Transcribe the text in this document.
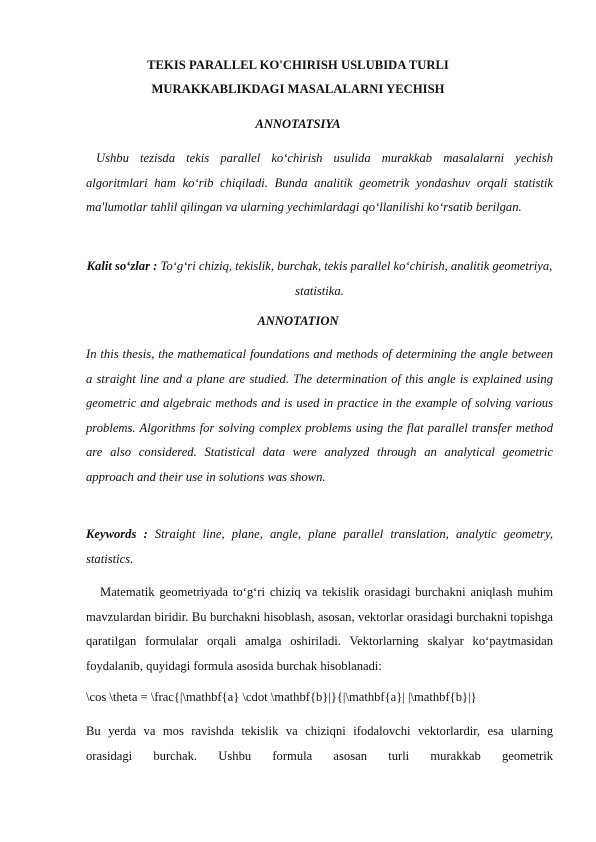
TEKIS PARALLEL KO'CHIRISH USLUBIDA TURLI
MURAKKABLIKDAGI MASALALARNI YECHISH
ANNOTATSIYA
Ushbu tezisda tekis parallel ko‘chirish usulida murakkab masalalarni yechish algoritmlari ham ko‘rib chiqiladi. Bunda analitik geometrik yondashuv orqali statistik ma'lumotlar tahlil qilingan va ularning yechimlardagi qo‘llanilishi ko‘rsatib berilgan.
Kalit so‘zlar : To‘g‘ri chiziq, tekislik, burchak, tekis parallel ko‘chirish, analitik geometriya, statistika.
ANNOTATION
In this thesis, the mathematical foundations and methods of determining the angle between a straight line and a plane are studied. The determination of this angle is explained using geometric and algebraic methods and is used in practice in the example of solving various problems. Algorithms for solving complex problems using the flat parallel transfer method are also considered. Statistical data were analyzed through an analytical geometric approach and their use in solutions was shown.
Keywords : Straight line, plane, angle, plane parallel translation, analytic geometry, statistics.
Matematik geometriyada to‘g‘ri chiziq va tekislik orasidagi burchakni aniqlash muhim mavzulardan biridir. Bu burchakni hisoblash, asosan, vektorlar orasidagi burchakni topishga qaratilgan formulalar orqali amalga oshiriladi. Vektorlarning skalyar ko‘paytmasidan foydalanib, quyidagi formula asosida burchak hisoblanadi:
\cos \theta = \frac{|\mathbf{a} \cdot \mathbf{b}|}{|\mathbf{a}| |\mathbf{b}|}
Bu yerda va mos ravishda tekislik va chiziqni ifodalovchi vektorlardir, esa ularning orasidagi burchak. Ushbu formula asosan turli murakkab geometrik
